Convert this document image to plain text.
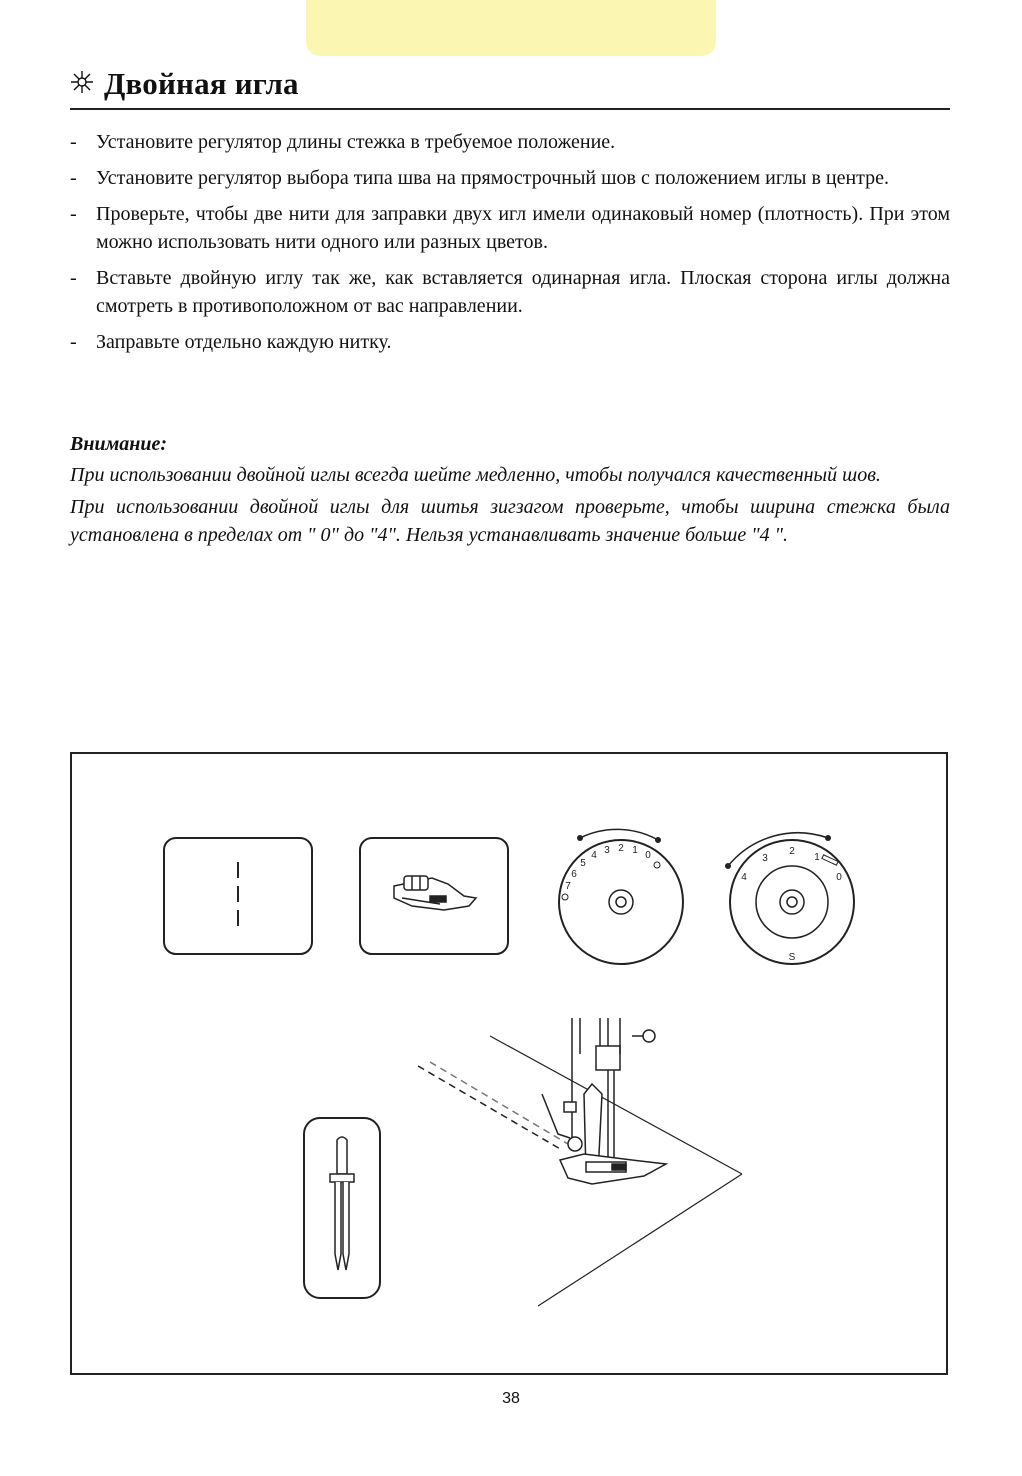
Двойная игла
- Установите регулятор длины стежка в требуемое положение.
- Установите регулятор выбора типа шва на прямострочный шов с положением иглы в центре.
- Проверьте, чтобы две нити для заправки двух игл имели одинаковый номер (плотность). При этом можно использовать нити одного или разных цветов.
- Вставьте двойную иглу так же, как вставляется одинарная игла. Плоская сторона иглы должна смотреть в противоположном от вас направлении.
- Заправьте отдельно каждую нитку.
Внимание:

При использовании двойной иглы всегда шейте медленно, чтобы получался качественный шов.

При использовании двойной иглы для шитья зигзагом проверьте, чтобы ширина стежка была установлена в пределах от " 0" до "4". Нельзя устанавливать значение больше "4 ".

7
6
5
4 3 2 1 0
4
3
2
1
0
S
38
